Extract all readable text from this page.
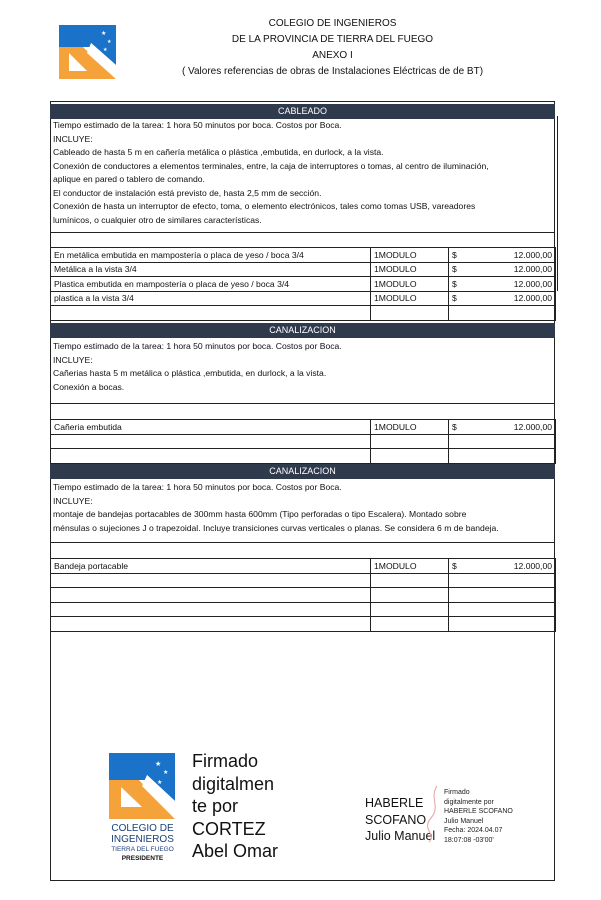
★
★
★
COLEGIO DE INGENIEROS
DE LA PROVINCIA DE TIERRA DEL FUEGO
ANEXO I
( Valores referencias de obras de Instalaciones Eléctricas de de BT)
CABLEADO
Tiempo estimado de la tarea: 1 hora 50 minutos por boca. Costos por Boca.
INCLUYE:
Cableado de hasta 5 m en cañería metálica o plástica ,embutida, en durlock, a la vista.
Conexión de conductores a elementos terminales, entre, la caja de interruptores o tomas, al centro de iluminación,
aplique en pared o tablero de comando.
El conductor de instalación está previsto de, hasta 2,5 mm de sección.
Conexión de hasta un interruptor de efecto, toma, o elemento electrónicos, tales como tomas USB, vareadores
lumínicos, o cualquier otro de similares características.
En metálica embutida en mampostería o placa de yeso / boca 3/4	1MODULO	$ 12.000,00

Metálica a la vista 3/4	1MODULO	$ 12.000,00

Plastica embutida en mampostería o placa de yeso / boca 3/4	1MODULO	$ 12.000,00

plastica a la vista 3/4	1MODULO	$ 12.000,00

CANALIZACION
Tiempo estimado de la tarea: 1 hora 50 minutos por boca. Costos por Boca.
INCLUYE:
Cañerias hasta 5 m metálica o plástica ,embutida, en durlock, a la vista.
Conexión a bocas.
Cañeria embutida	1MODULO	$ 12.000,00

CANALIZACION
Tiempo estimado de la tarea: 1 hora 50 minutos por boca. Costos por Boca.
INCLUYE:
montaje de bandejas portacables de 300mm hasta 600mm (Tipo perforadas o tipo Escalera). Montado sobre
ménsulas o sujeciones J o trapezoidal. Incluye transiciones curvas verticales o planas. Se considera 6 m de bandeja.
Bandeja portacable	1MODULO	$ 12.000,00

★
★
★
COLEGIO DE
INGENIEROS
TIERRA DEL FUEGO
PRESIDENTE
Firmado
digitalmen
te por
CORTEZ
Abel Omar
HABERLE
SCOFANO
Julio Manuel
Firmado
digitalmente por
HABERLE SCOFANO
Julio Manuel
Fecha: 2024.04.07
18:07:08 -03'00'
